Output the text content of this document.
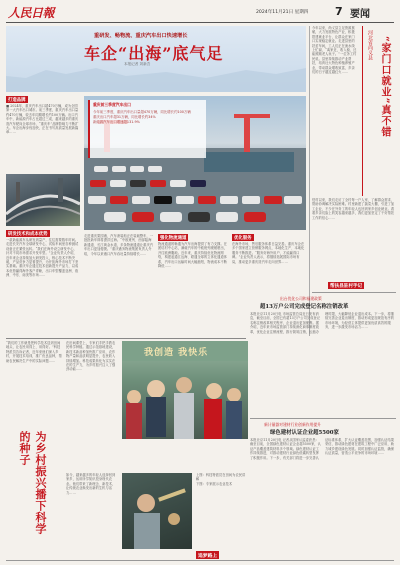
人民日報	2024年11月21日 星期四 7 要闻
重研发、畅物流、重庆汽车出口快速增长
车企“出海”底气足
本报记者 刘新吾
打造品牌
■ 2024年，重庆汽车出口超470万辆，成为全国第一大汽车出口城市。前三季度，重庆汽车出口量约470万辆，较去年同期增长约100万辆。出口汽车中，新能源汽车占比超过三成，越来越多的重庆造汽车驶向全球市场，“重庆车”品牌影响力不断扩大。车企出海步伐加快，正在书写高质量发展新篇章……
研发技术和成本优势
一款新能源车从研发到量产，往往需要数年时间。走进长安汽车全球研发中心，试验车间里各种测试设备正在紧张运转。“我们在海外设立研发中心，针对不同市场需求开发车型。”企业负责人介绍，近年来企业持续加大研发投入，核心技术不断突破，产品竞争力显著提升，为开拓海外市场打下坚实基础。重庆车企通过技术创新提升产品力，以成本优势赢得海外客户青睐，出口车型覆盖亚洲、欧洲、中东、南美等市场……
重庆前三季度汽车出口
今年前三季度，重庆汽车出口量超470万辆，同比增长约100万辆
重庆出口汽车超31万辆，同比增长约34%
新能源汽车出口增速超131.9%
走进重庆果园港，汽车滚装船正在装载整车，一批批新车即将漂洋过海。“中欧班列、西部陆海新通道、长江黄金水道，多条物流通道让重庆汽车出口更加便捷。”重庆港务物流集团负责人介绍，今年以来港口汽车吞吐量持续增长……
强化物流通道
物流通道的畅通为汽车出海提供了有力支撑。在团结村中心站，满载汽车的中欧班列缓缓驶出，开往欧洲腹地。近年来，重庆持续优化物流网络，构建起通江达海、联通全球的立体化通道体系，汽车出口运输时间大幅缩短，物流成本不断降低……
优化服务
在海外市场，售后服务体系日益完善。重庆车企在多个国家建立营销服务网点，本地化生产、本地化服务不断推进。“服务好海外用户，才能赢得口碑。”企业负责人表示，将继续拓展国际市场布局，推动更多重庆造汽车走向世界……
今年以来，尚义县立足资源禀赋，大力发展特色产业，积极搭建就业平台，让群众在家门口实现稳定就业。走进县里的扶贫车间，工人们正在流水线上忙碌，“离家近，收入稳，还能照顾老人孩子。”一位务工村民说。县里持续推动产业帮扶，培育壮大特色种植养殖产业，带动群众增收致富，乡亲们的日子越过越红火……
河北省尚义县 “家门口就业”真不错
驻村以来，我们走访了全村每一户人家，了解群众需求，帮助协调解决实际困难。村里新建了蔬菜大棚，引进了加工企业，不少在外务工的年轻人也回到家乡创业就业。看着乡亲们脸上的笑容越来越多，我们更加坚定了干好帮扶工作的信心……
帮扶县驻村手记
出台优化公司和福建政策
超13万户公司完成登记名称注销改革
本报北京11月20日电 市场监管总局近日发布消息，截至目前，全国已有超13万户公司完成登记名称注销改革相关程序，企业退出更加便利。据介绍，近年来市场监管部门持续深化商事制度改革，优化企业注销流程，推行简易注销，压缩办理时限，大幅降低企业退出成本。下一步，将继续完善企业退出制度，推动形成更加规范有序的市场环境，为经营主体提供更加优质高效的服务，进一步激发市场活力……
新计量器对建材行业创新作用提升
绿色建材认证企业超5500家
本报北京11月20日电 记者从国家认监委获悉：截至目前，全国绿色建材认证企业超5500家，认证产品覆盖建筑材料多个领域。绿色建材认证工作持续推进，对推动建材行业绿色低碳转型发挥了积极作用。下一步，有关部门将进一步完善认证标准体系，扩大认证覆盖范围，加强认证结果采信，推动绿色建材在建筑工程中广泛应用，助力城乡建设绿色发展。同时加强认证监管，确保认证质量，营造公平竞争的市场环境……
“我们的工作就是把科学技术送到田间地头，让农民用得上、用得好。”科技特派员告诉记者，近年来他们深入乡村，开展技术培训，推广优良品种，帮助农民解决生产中的实际问题……
为乡村振兴播下科学的种子
在田间课堂上，专家们手把手教农民科学种植。通过示范基地建设，新技术新品种加快推广应用，农作物产量和品质明显提升，农民收入持续增加。科技成果转化为实实在在的生产力，为乡村振兴注入了强劲动能……
我创造 我快乐
如今，越来越多的年轻人选择回到家乡，运用所学知识投身现代农业。他们带来了新理念、新技术，让传统农业焕发出新的生机与活力……
上图：科技特派员在田间为农民讲解
下图：专家展示农业技术
追梦路上
